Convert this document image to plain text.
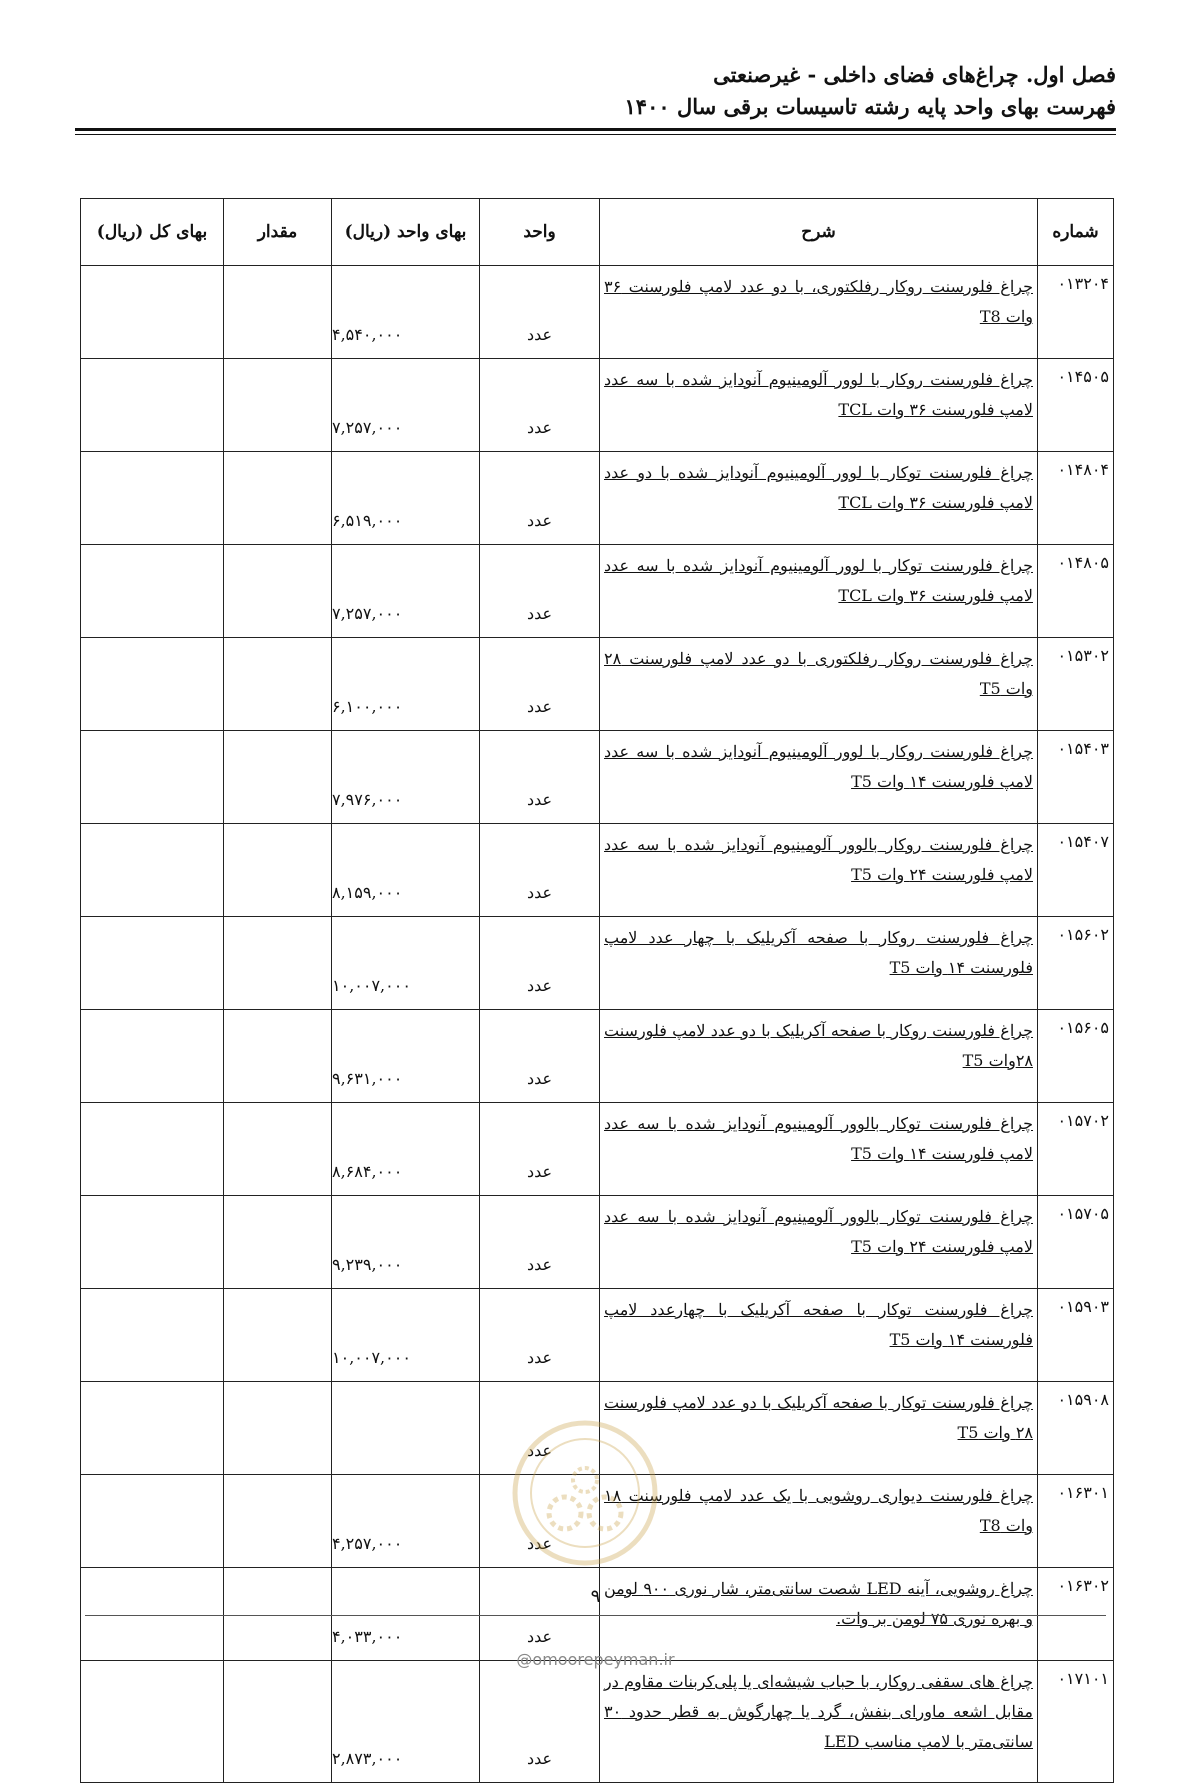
فصل اول. چراغ‌های فضای داخلی - غیرصنعتی
فهرست بهای واحد پایه رشته تاسیسات برقی سال ۱۴۰۰
شماره	شرح	واحد	بهای واحد (ریال)	مقدار	بهای کل (ریال)
۰۱۳۲۰۴	چراغ فلورسنت روکار رفلکتوری، با دو عدد لامپ فلورسنت ۳۶ وات T8	عدد	۴,۵۴۰,۰۰۰		
۰۱۴۵۰۵	چراغ فلورسنت روکار با لوور آلومینیوم آنودایز شده با سه عدد لامپ فلورسنت ۳۶ وات TCL	عدد	۷,۲۵۷,۰۰۰		
۰۱۴۸۰۴	چراغ فلورسنت توکار با لوور آلومینیوم آنودایز شده با دو عدد لامپ فلورسنت ۳۶ وات TCL	عدد	۶,۵۱۹,۰۰۰		
۰۱۴۸۰۵	چراغ فلورسنت توکار با لوور آلومینیوم آنودایز شده با سه عدد لامپ فلورسنت ۳۶ وات TCL	عدد	۷,۲۵۷,۰۰۰		
۰۱۵۳۰۲	چراغ فلورسنت روکار رفلکتوری با دو عدد لامپ فلورسنت ۲۸ وات T5	عدد	۶,۱۰۰,۰۰۰		
۰۱۵۴۰۳	چراغ فلورسنت روکار با لوور آلومینیوم آنودایز شده با سه عدد لامپ فلورسنت ۱۴ وات T5	عدد	۷,۹۷۶,۰۰۰		
۰۱۵۴۰۷	چراغ فلورسنت روکار بالوور آلومینیوم آنودایز شده با سه عدد لامپ فلورسنت ۲۴ وات T5	عدد	۸,۱۵۹,۰۰۰		
۰۱۵۶۰۲	چراغ فلورسنت روکار با صفحه آکریلیک با چهار عدد لامپ فلورسنت ۱۴ وات T5	عدد	۱۰,۰۰۷,۰۰۰		
۰۱۵۶۰۵	چراغ فلورسنت روکار با صفحه آکریلیک با دو عدد لامپ فلورسنت ۲۸وات T5	عدد	۹,۶۳۱,۰۰۰		
۰۱۵۷۰۲	چراغ فلورسنت توکار بالوور آلومینیوم آنودایز شده با سه عدد لامپ فلورسنت ۱۴ وات T5	عدد	۸,۶۸۴,۰۰۰		
۰۱۵۷۰۵	چراغ فلورسنت توکار بالوور آلومینیوم آنودایز شده با سه عدد لامپ فلورسنت ۲۴ وات T5	عدد	۹,۲۳۹,۰۰۰		
۰۱۵۹۰۳	چراغ فلورسنت توکار با صفحه آکریلیک با چهارعدد لامپ فلورسنت ۱۴ وات T5	عدد	۱۰,۰۰۷,۰۰۰		
۰۱۵۹۰۸	چراغ فلورسنت توکار با صفحه آکریلیک با دو عدد لامپ فلورسنت ۲۸ وات T5	عدد			
۰۱۶۳۰۱	چراغ فلورسنت دیواری روشویی با یک عدد لامپ فلورسنت ۱۸ وات T8	عدد	۴,۲۵۷,۰۰۰		
۰۱۶۳۰۲	چراغ روشویی، آینه LED شصت سانتی‌متر، شار نوری ۹۰۰ لومن و بهره نوری ۷۵ لومن بر وات.	عدد	۴,۰۳۳,۰۰۰		
۰۱۷۱۰۱	چراغ های سقفی روکار، با حباب شیشه‌ای یا پلی‌کربنات مقاوم در مقابل اشعه ماورای بنفش، گرد یا چهارگوش به قطر حدود ۳۰ سانتی‌متر با لامپ مناسب LED	عدد	۲,۸۷۳,۰۰۰		
۹
@omoorepeyman.ir
